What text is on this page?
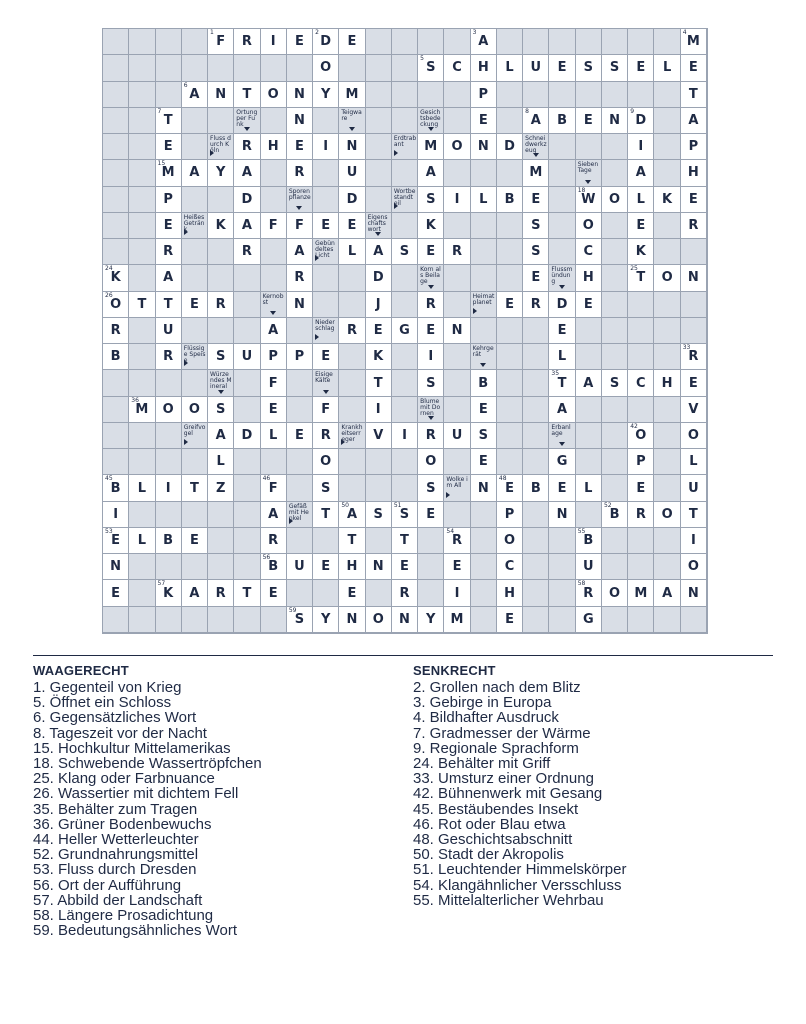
1
F	R	I	E
2
D	E
3
A
4
M
O
5
S	C	H	L	U	E	S	S	E	L	E
6
A	N	T	O	N	Y	M	P	T
7
T
Ortung per Funk	N
Teigware
Gesichtsbedeckung	E
8
A	B	E	N
9
D	A
E
Fluss durch Köln	R	H	E	I	N
Erdtrabant	M	O	N	D
Schneidwerkzeug	I	P
15
M	A	Y	A	R	U	A	M
Sieben Tage	A	H
P	D
Sporenpflanze	D
Wortbestandteil	S	I	L	B	E
18
W	O	L	K	E
E
Heißes Getränk	K	A	F	F	E	E
Eigenschaftswort	K	S	O	E	R
R	R	A
Gebündeltes Licht	L	A	S	E	R	S	C	K
24
K	A	R	D
Korn als Beilage	E
Flussmündung	H
25
T	O	N
26
O	T	T	E	R
Kernobst	N	J	R
Heimatplanet	E	R	D	E
R	U	A
Niederschlag R	E	G	E	N	E
B	R
Flüssige Speise	S	U	P	P	E	K	I
Kehrgerät	L
33
R
Würzendes Mineral	F
Eisige Kälte	T	S	B
35
T	A	S	C	H	E
36
M	O	O	S	E	F	I
Blume mit Dornen	E	A	V
Greifvogel	A	D	L	E	R
Krankheitserreger	V	I	R	U	S
Erbanlage
42
O	O
L	O	O	E	G	P	L
45
B	L	I	T	Z
46
F	S	S
Wolke im All	N
48
E	B	E	L	E	U
I	A
Gefäß mit Henkel	T
50
A	S
51
S	E	P	N
52
B	R	O	T
53
E	L	B	E	R	T	T
54
R	O
55
B	I
N
56
B	U	E	H	N	E	E	C	U	O
E
57
K	A	R	T	E	E	R	I	H
58
R	O	M	A	N
59
S	Y	N	O	N	Y	M	E	G
WAAGERECHT
1. Gegenteil von Krieg
5. Öffnet ein Schloss
6. Gegensätzliches Wort
8. Tageszeit vor der Nacht
15. Hochkultur Mittelamerikas
18. Schwebende Wassertröpfchen
25. Klang oder Farbnuance
26. Wassertier mit dichtem Fell
35. Behälter zum Tragen
36. Grüner Bodenbewuchs
44. Heller Wetterleuchter
52. Grundnahrungsmittel
53. Fluss durch Dresden
56. Ort der Aufführung
57. Abbild der Landschaft
58. Längere Prosadichtung
59. Bedeutungsähnliches Wort
SENKRECHT
2. Grollen nach dem Blitz
3. Gebirge in Europa
4. Bildhafter Ausdruck
7. Gradmesser der Wärme
9. Regionale Sprachform
24. Behälter mit Griff
33. Umsturz einer Ordnung
42. Bühnenwerk mit Gesang
45. Bestäubendes Insekt
46. Rot oder Blau etwa
48. Geschichtsabschnitt
50. Stadt der Akropolis
51. Leuchtender Himmelskörper
54. Klangähnlicher Versschluss
55. Mittelalterlicher Wehrbau
